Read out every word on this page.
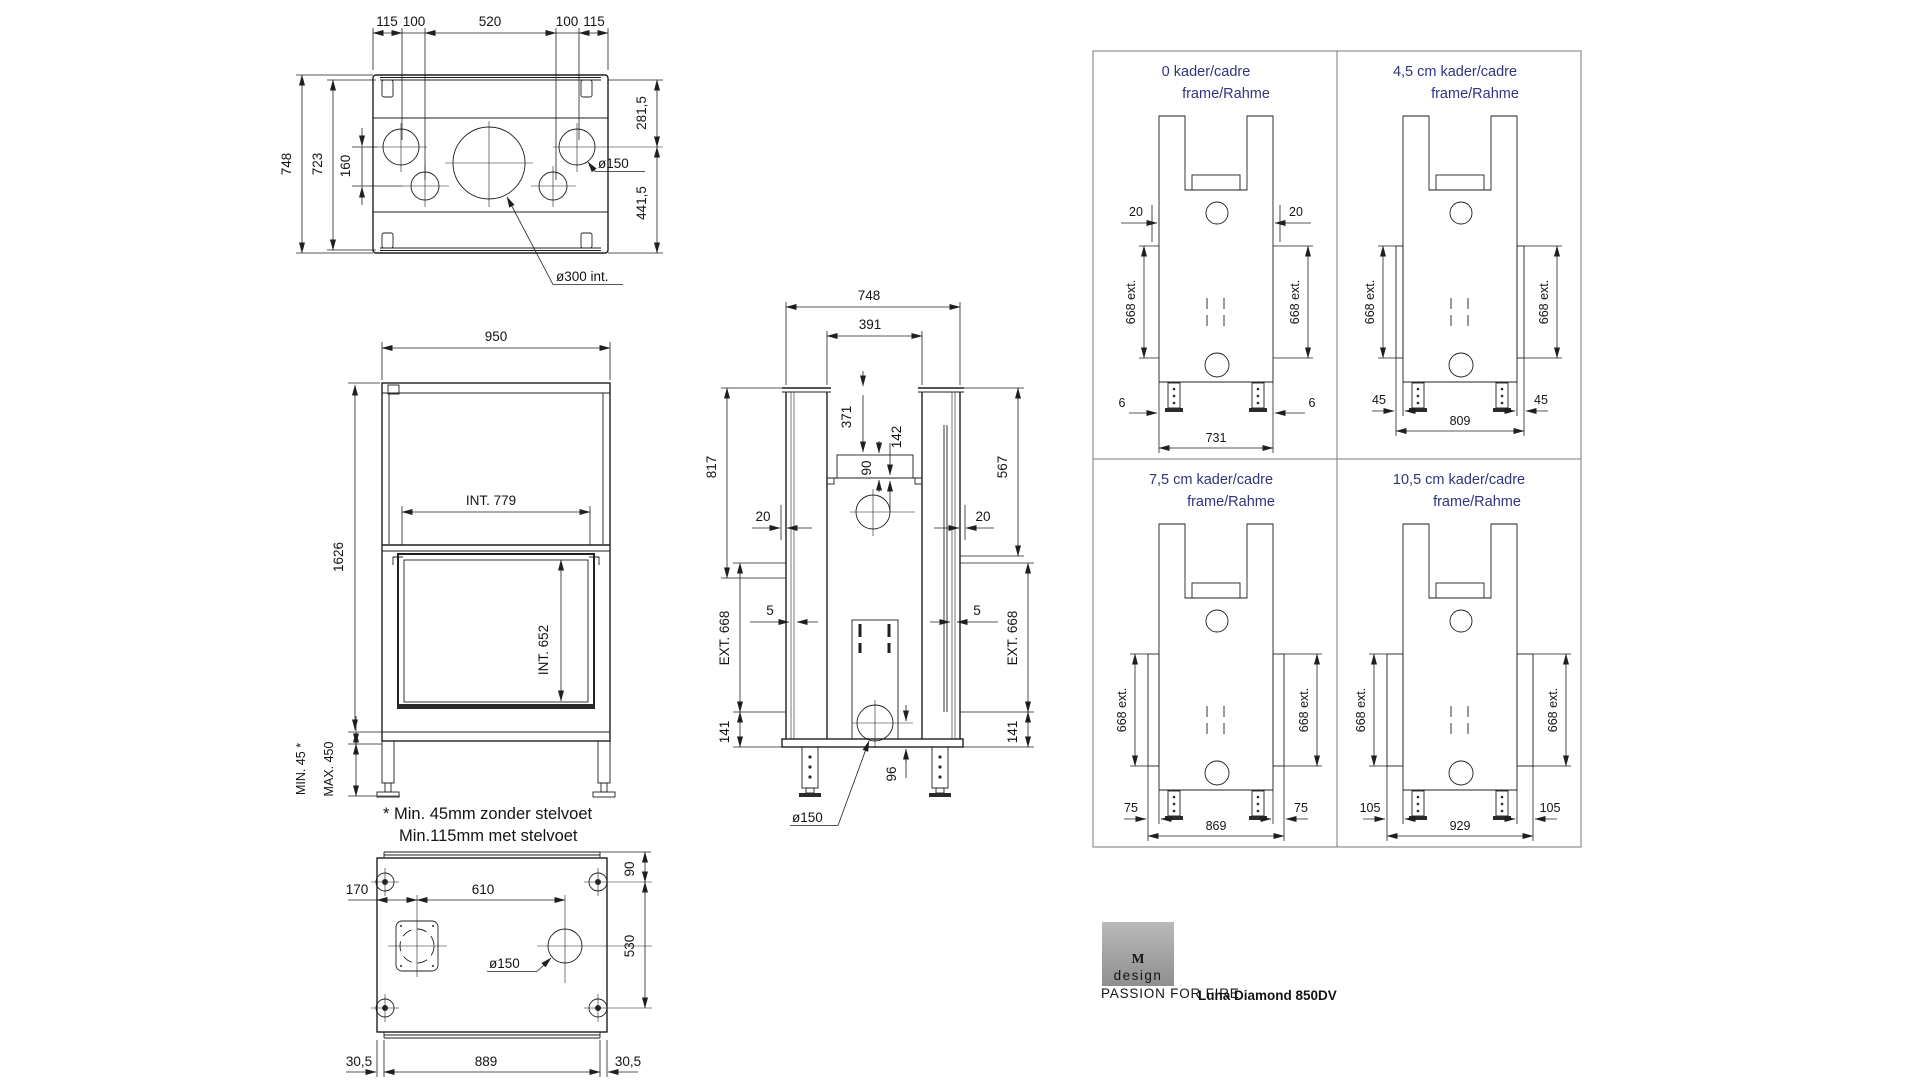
115 100	520	100 115
748 723 160
281,5
441,5
ø150
ø300 int.
950
1626
INT. 779
INT. 652
MIN. 45 * MAX. 450
* Min. 45mm zonder stelvoet
Min.115mm met stelvoet
748
391
371
142
90
817
EXT. 668
141
567
EXT. 668
141
20	20
5	5
96
ø150
170	610
90
530
ø150
30,5	889	30,5
0 kader/cadre
frame/Rahme
20	20
668 ext.	668 ext.
6	6
731
4,5 cm kader/cadre
frame/Rahme
668 ext.	668 ext.
45	45
809
7,5 cm kader/cadre
frame/Rahme
668 ext.	668 ext.
75	75
869
10,5 cm kader/cadre
frame/Rahme
668 ext.	668 ext.
105	105
929
M
design
PASSION FOR FIRE
Luna Diamond 850DV
